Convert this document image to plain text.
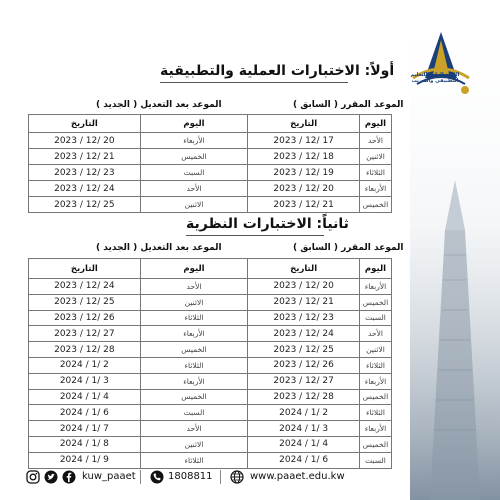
الهيئة العامة للتعليم التطبيقي والتدريب
أولاً: الاختبارات العملية والتطبيقية
الموعد المقرر ( السابق )
الموعد بعد التعديل ( الجديد )
التاريخ	اليوم	التاريخ	اليوم
2023 / 12/ 20	الأربعاء	2023 / 12/ 17	الأحد
2023 / 12/ 21	الخميس	2023 / 12/ 18	الاثنين
2023 / 12/ 23	السبت	2023 / 12/ 19	الثلاثاء
2023 / 12/ 24	الأحد	2023 / 12/ 20	الأربعاء
2023 / 12/ 25	الاثنين	2023 / 12/ 21	الخميس
ثانياً: الاختبارات النظرية
الموعد المقرر ( السابق )
الموعد بعد التعديل ( الجديد )
التاريخ	اليوم	التاريخ	اليوم
2023 / 12/ 24	الأحد	2023 / 12/ 20	الأربعاء
2023 / 12/ 25	الاثنين	2023 / 12/ 21	الخميس
2023 / 12/ 26	الثلاثاء	2023 / 12/ 23	السبت
2023 / 12/ 27	الأربعاء	2023 / 12/ 24	الأحد
2023 / 12/ 28	الخميس	2023 / 12/ 25	الاثنين
2024 / 1/ 2	الثلاثاء	2023 / 12/ 26	الثلاثاء
2024 / 1/ 3	الأربعاء	2023 / 12/ 27	الأربعاء
2024 / 1/ 4	الخميس	2023 / 12/ 28	الخميس
2024 / 1/ 6	السبت	2024 / 1/ 2	الثلاثاء
2024 / 1/ 7	الأحد	2024 / 1/ 3	الأربعاء
2024 / 1/ 8	الاثنين	2024 / 1/ 4	الخميس
2024 / 1/ 9	الثلاثاء	2024 / 1/ 6	السبت
kuw_paaet	1808811	www.paaet.edu.kw
